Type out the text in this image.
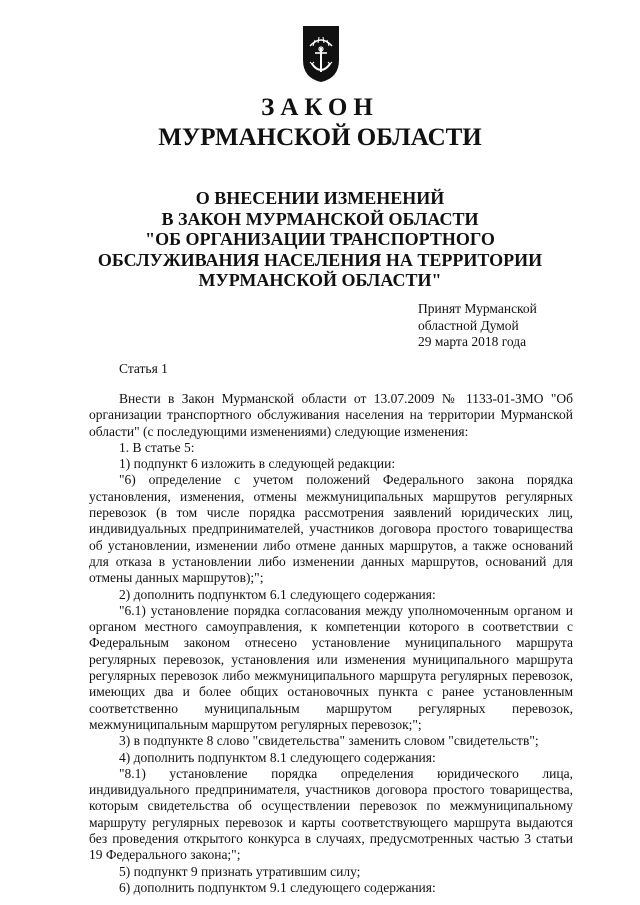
ЗАКОН
МУРМАНСКОЙ ОБЛАСТИ
О ВНЕСЕНИИ ИЗМЕНЕНИЙ
В ЗАКОН МУРМАНСКОЙ ОБЛАСТИ
"ОБ ОРГАНИЗАЦИИ ТРАНСПОРТНОГО
ОБСЛУЖИВАНИЯ НАСЕЛЕНИЯ НА ТЕРРИТОРИИ
МУРМАНСКОЙ ОБЛАСТИ"
Принят Мурманской
областной Думой
29 марта 2018 года

Статья 1

Внести в Закон Мурманской области от 13.07.2009 № 1133-01-ЗМО "Об организации транспортного обслуживания населения на территории Мурманской области" (с последующими изменениями) следующие изменения:

1. В статье 5:

1) подпункт 6 изложить в следующей редакции:

"6) определение с учетом положений Федерального закона порядка установления, изменения, отмены межмуниципальных маршрутов регулярных перевозок (в том числе порядка рассмотрения заявлений юридических лиц, индивидуальных предпринимателей, участников договора простого товарищества об установлении, изменении либо отмене данных маршрутов, а также оснований для отказа в установлении либо изменении данных маршрутов, оснований для отмены данных маршрутов);";

2) дополнить подпунктом 6.1 следующего содержания:

"6.1) установление порядка согласования между уполномоченным органом и органом местного самоуправления, к компетенции которого в соответствии с Федеральным законом отнесено установление муниципального маршрута регулярных перевозок, установления или изменения муниципального маршрута регулярных перевозок либо межмуниципального маршрута регулярных перевозок, имеющих два и более общих остановочных пункта с ранее установленным соответственно муниципальным маршрутом регулярных перевозок, межмуниципальным маршрутом регулярных перевозок;";

3) в подпункте 8 слово "свидетельства" заменить словом "свидетельств";

4) дополнить подпунктом 8.1 следующего содержания:

"8.1) установление порядка определения юридического лица, индивидуального предпринимателя, участников договора простого товарищества, которым свидетельства об осуществлении перевозок по межмуниципальному маршруту регулярных перевозок и карты соответствующего маршрута выдаются без проведения открытого конкурса в случаях, предусмотренных частью 3 статьи 19 Федерального закона;";

5) подпункт 9 признать утратившим силу;

6) дополнить подпунктом 9.1 следующего содержания:
